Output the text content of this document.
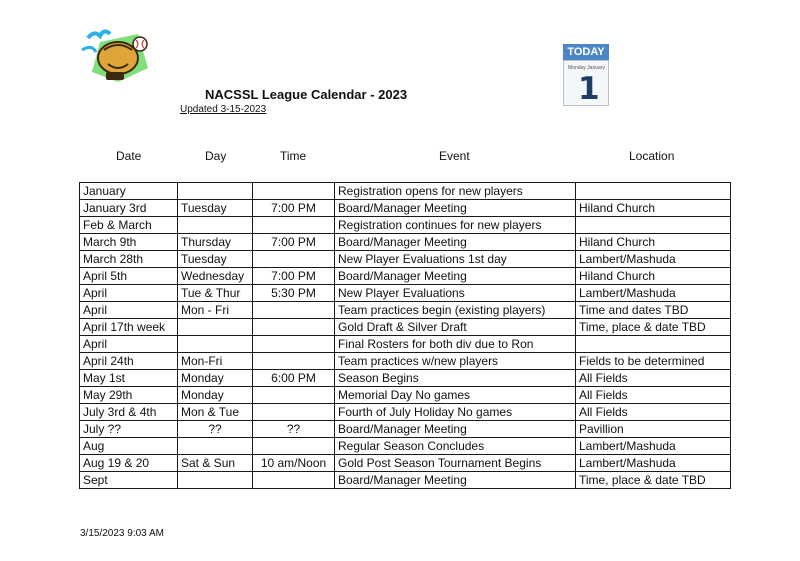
NACSSL League Calendar - 2023
Updated 3-15-2023
TODAY
Monday January
1
Date	Day	Time	Event	Location
January			Registration opens for new players	
January 3rd	Tuesday	7:00 PM	Board/Manager Meeting	Hiland Church
Feb & March			Registration continues for new players	
March 9th	Thursday	7:00 PM	Board/Manager Meeting	Hiland Church
March 28th	Tuesday		New Player Evaluations 1st day	Lambert/Mashuda
April 5th	Wednesday	7:00 PM	Board/Manager Meeting	Hiland Church
April	Tue & Thur	5:30 PM	New Player Evaluations	Lambert/Mashuda
April	Mon - Fri		Team practices begin (existing players)	Time and dates TBD
April 17th week			Gold Draft & Silver Draft	Time, place & date TBD
April			Final Rosters for both div due to Ron	
April 24th	Mon-Fri		Team practices w/new players	Fields to be determined
May 1st	Monday	6:00 PM	Season Begins	All Fields
May 29th	Monday		Memorial Day No games	All Fields
July 3rd & 4th	Mon & Tue		Fourth of July Holiday No games	All Fields
July ??	??	??	Board/Manager Meeting	Pavillion
Aug			Regular Season Concludes	Lambert/Mashuda
Aug 19 & 20	Sat & Sun	10 am/Noon	Gold Post Season Tournament Begins	Lambert/Mashuda
Sept			Board/Manager Meeting	Time, place & date TBD
3/15/2023 9:03 AM
